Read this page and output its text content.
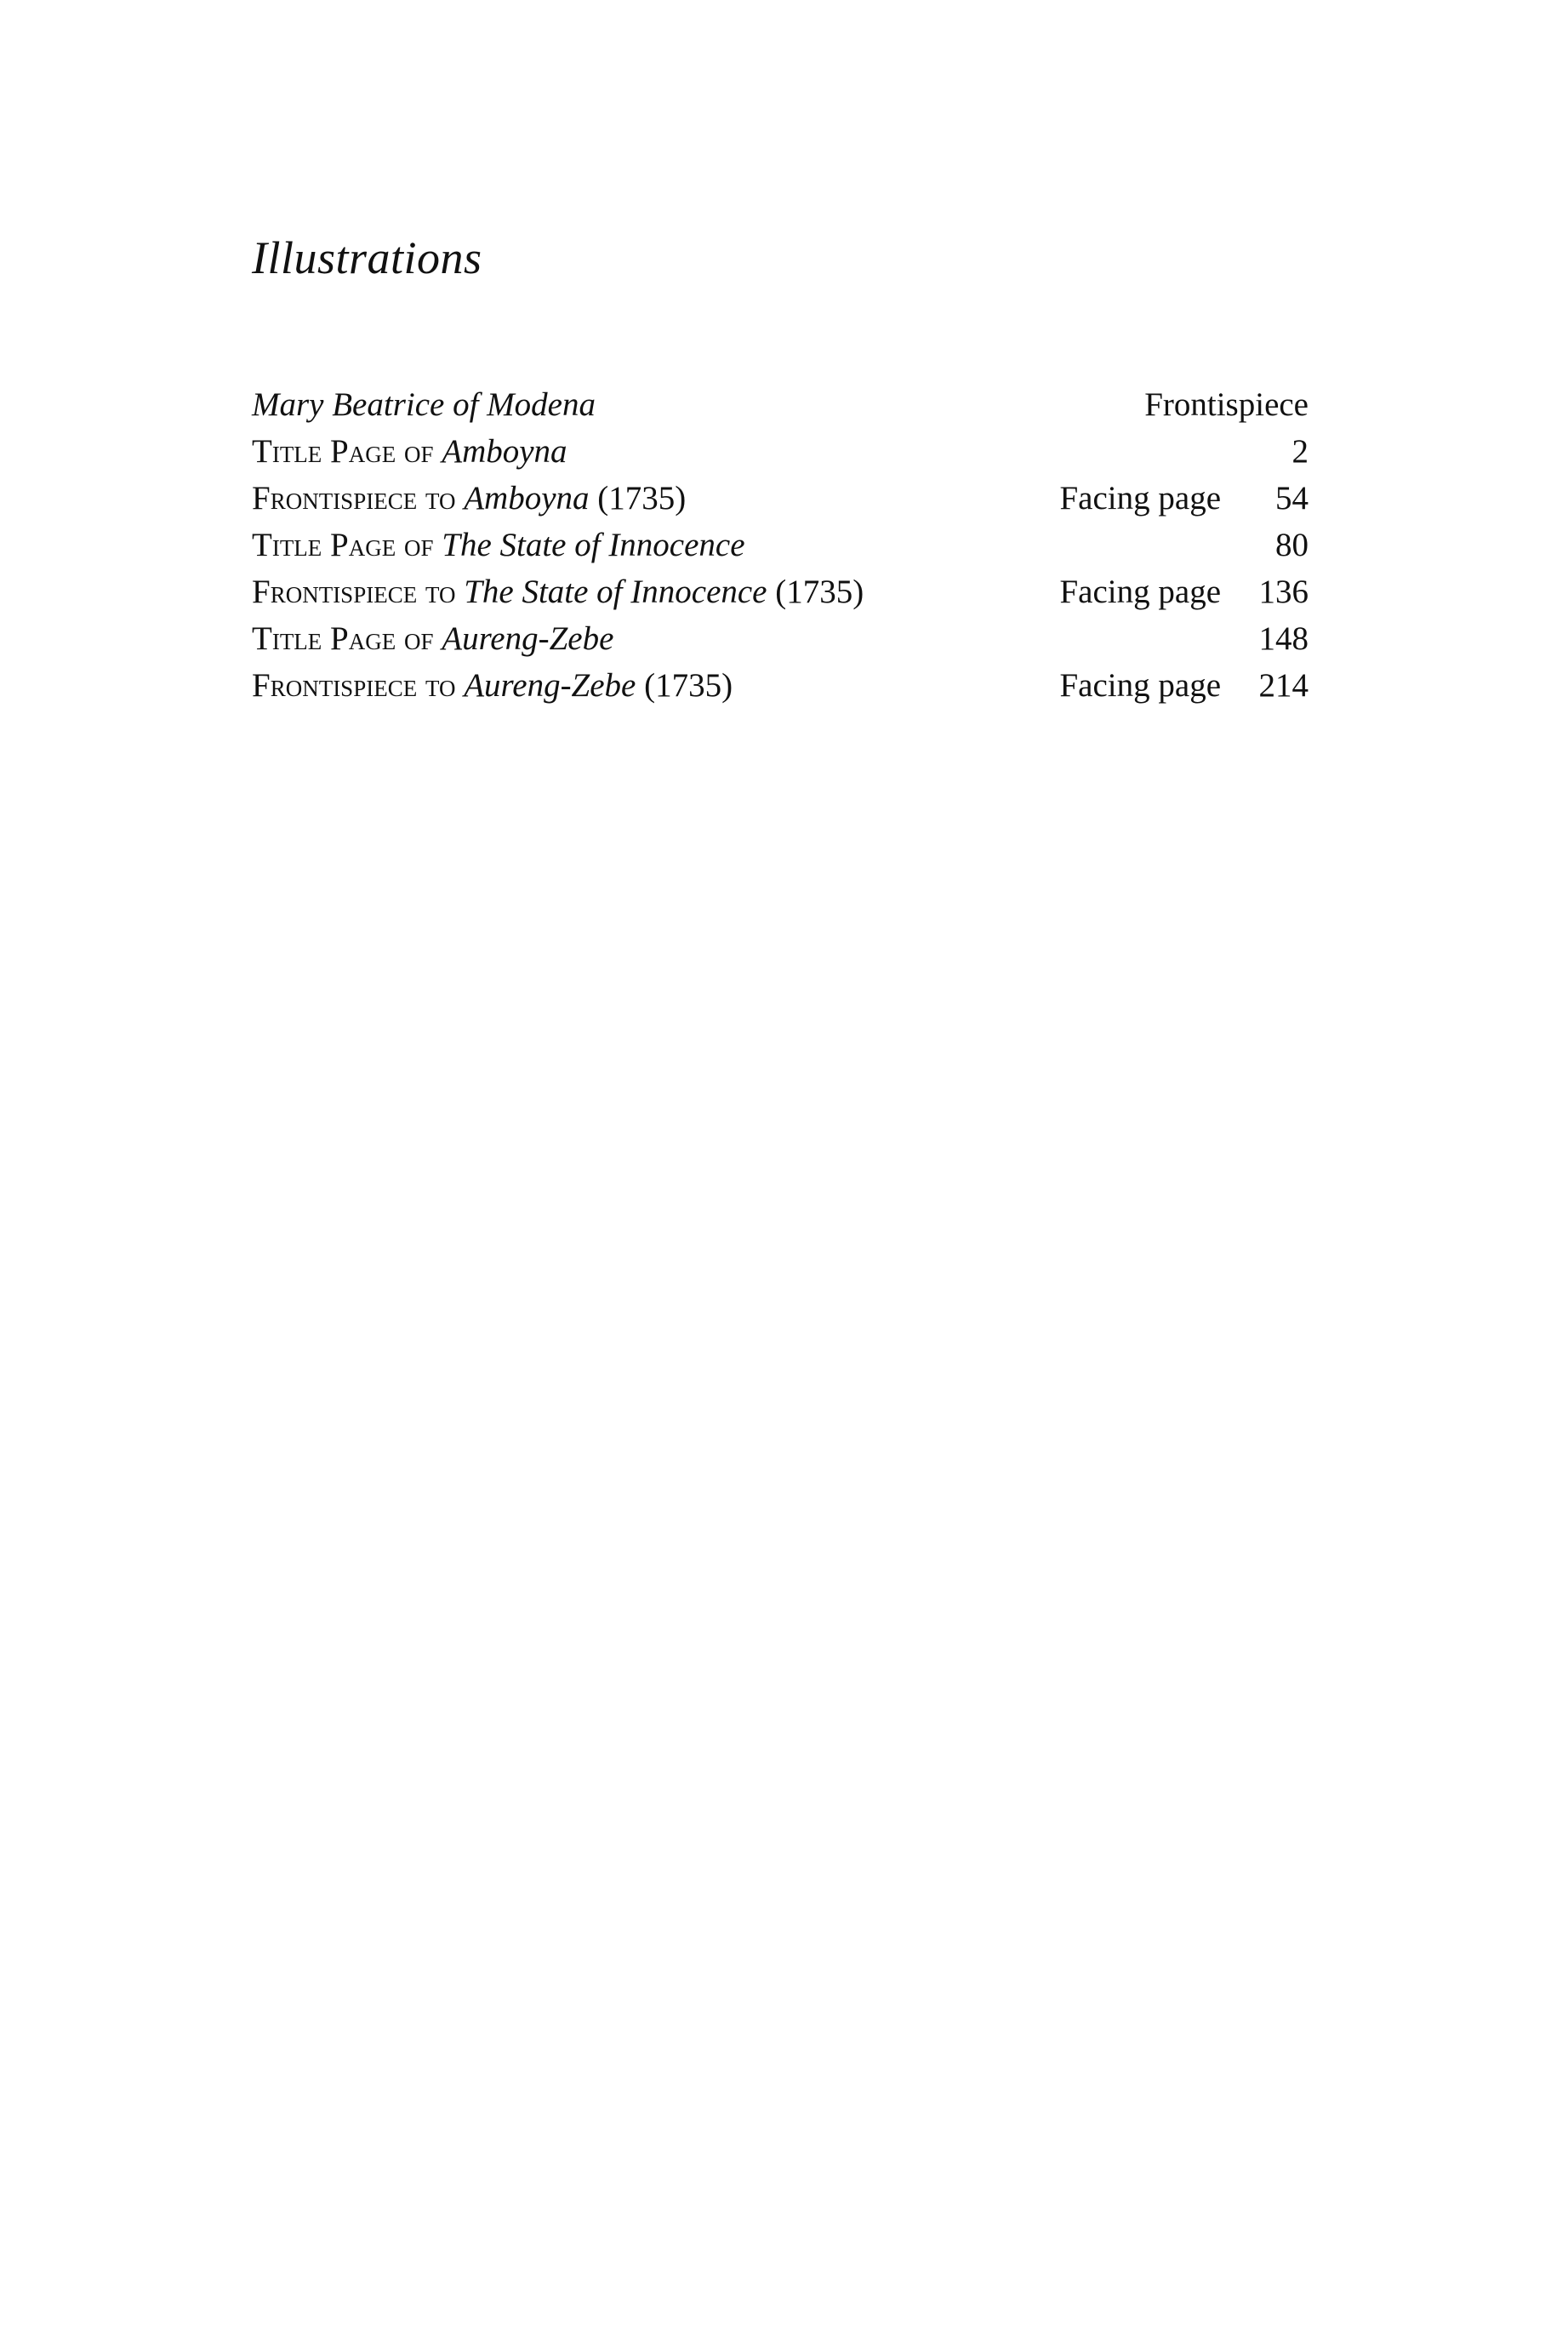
Illustrations
Mary Beatrice of Modena	Frontispiece
Title Page of Amboyna	2
Frontispiece to Amboyna (1735)	Facing page 54
Title Page of The State of Innocence	80
Frontispiece to The State of Innocence (1735)	Facing page 136
Title Page of Aureng-Zebe	148
Frontispiece to Aureng-Zebe (1735)	Facing page 214
